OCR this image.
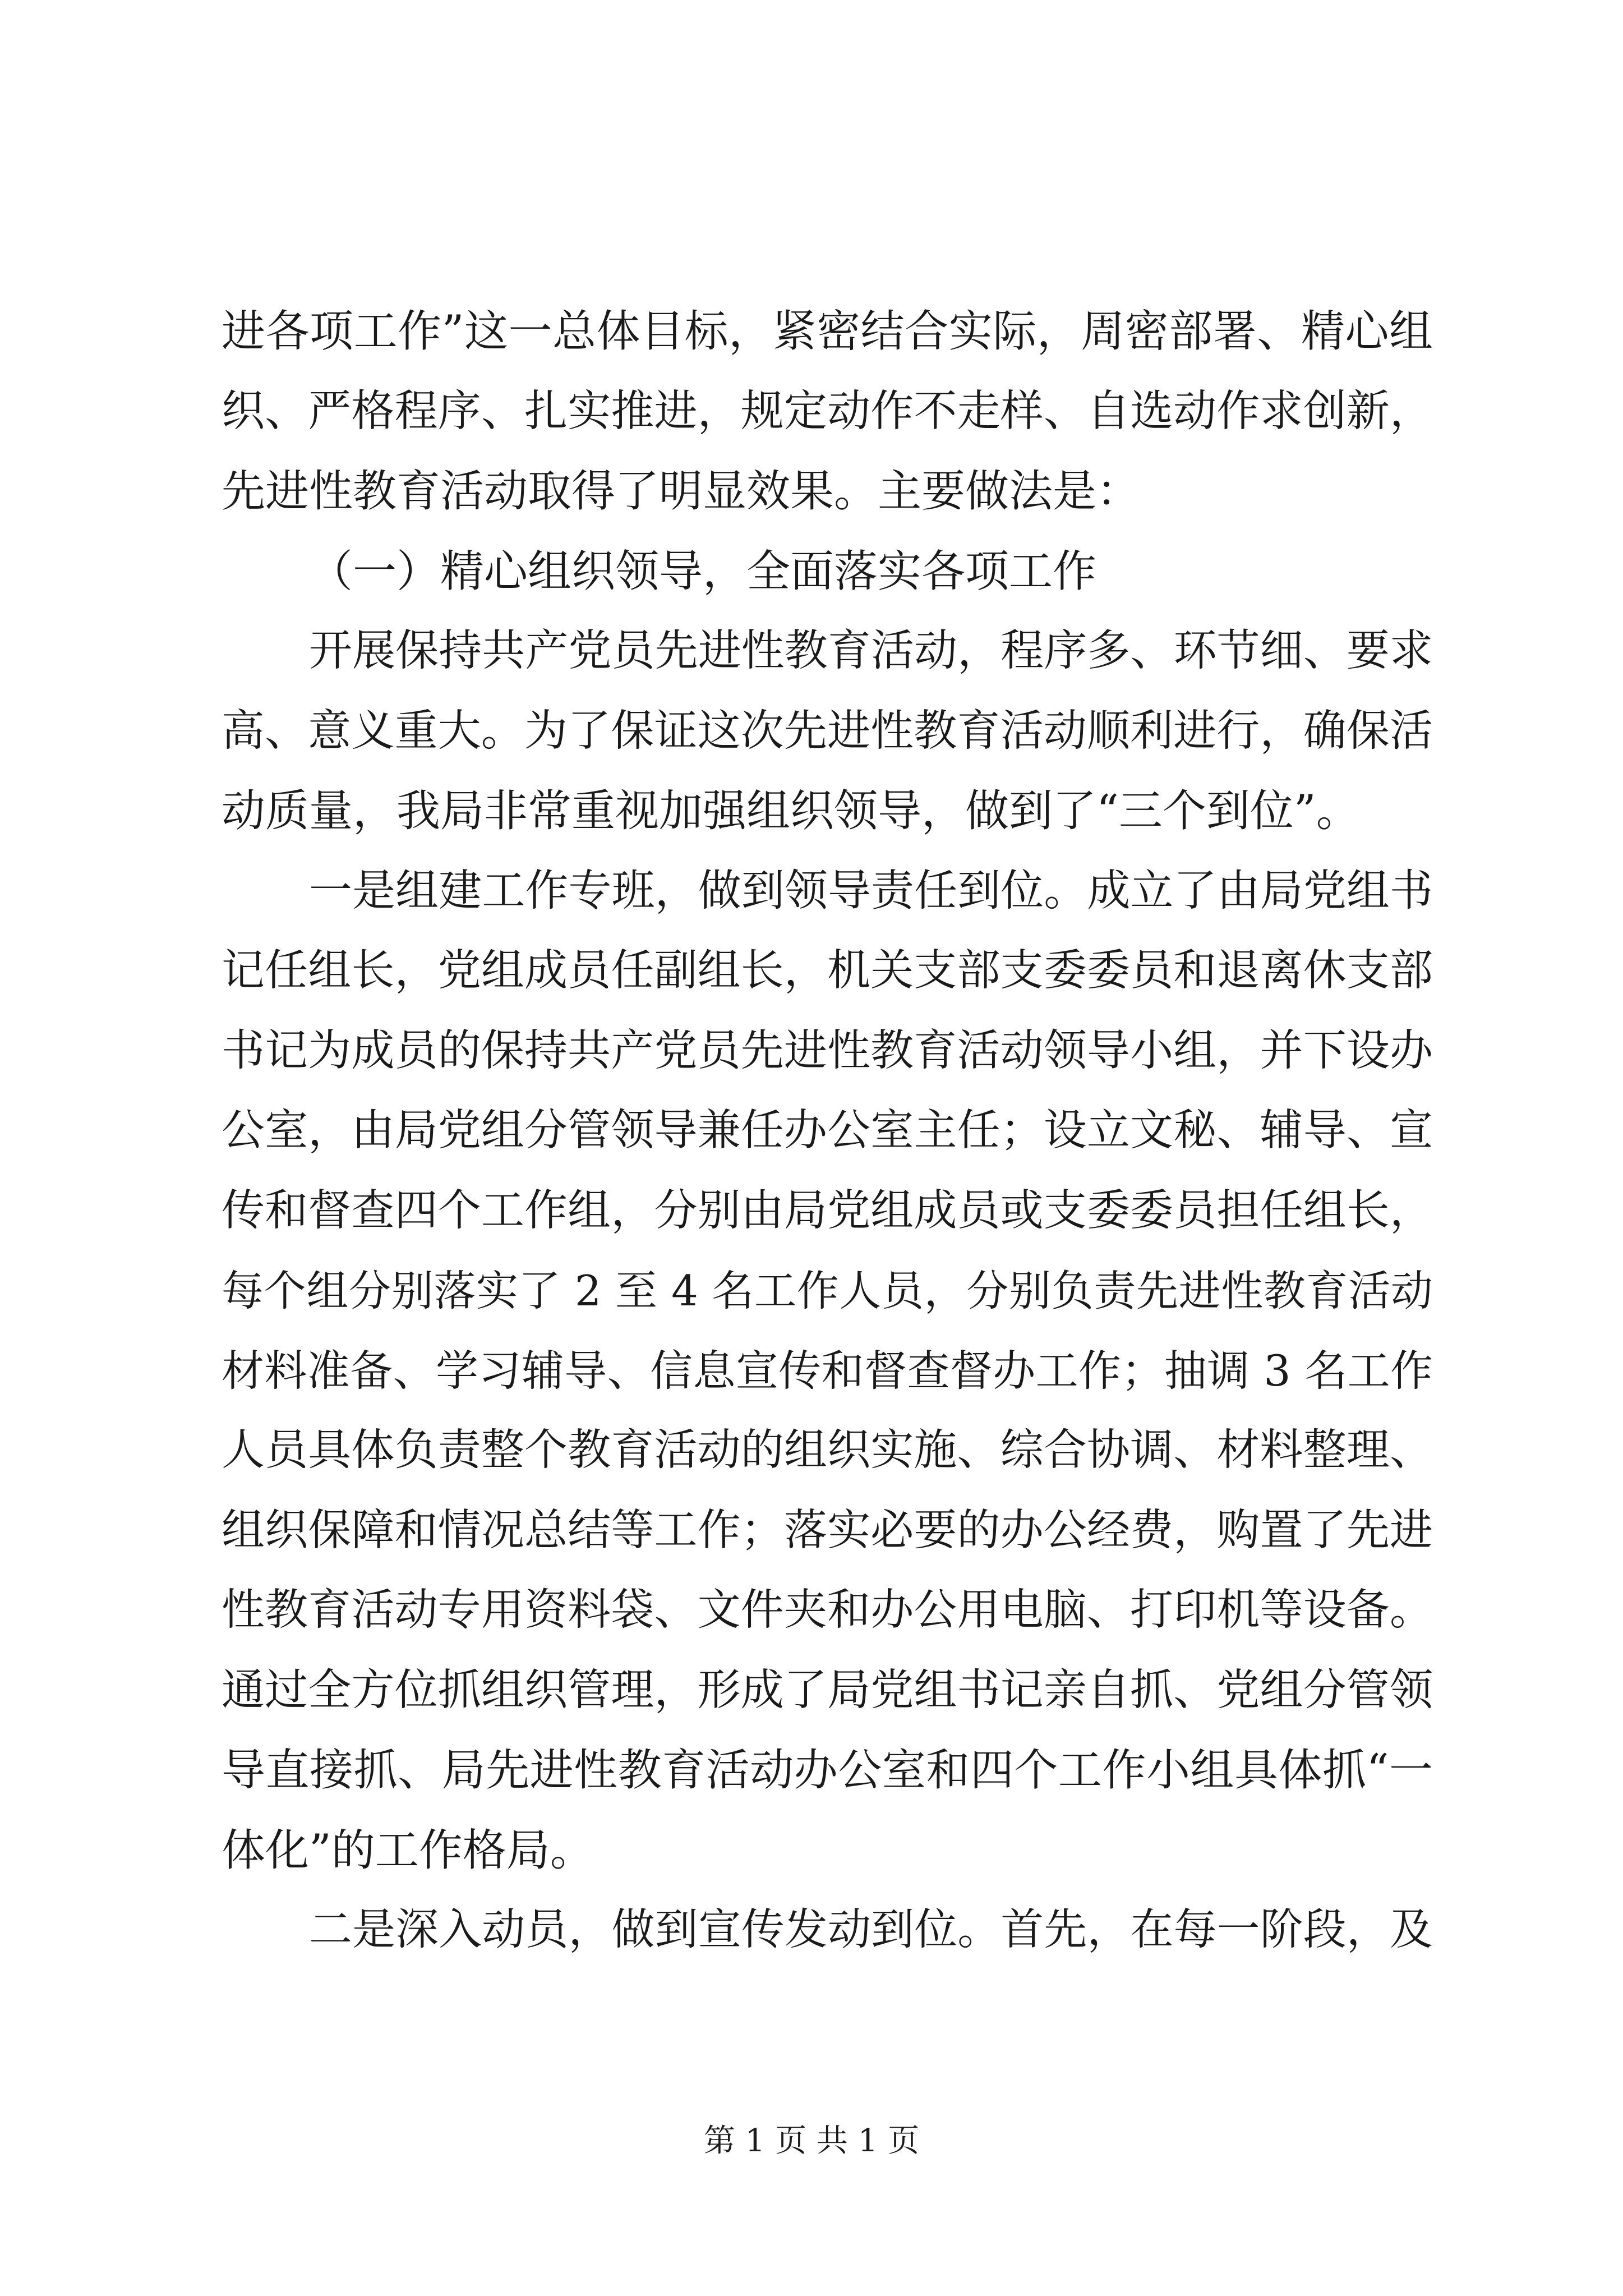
进各项工作”这一总体目标，紧密结合实际，周密部署、精心组
织、严格程序、扎实推进，规定动作不走样、自选动作求创新，
先进性教育活动取得了明显效果。主要做法是：
（一）精心组织领导，全面落实各项工作
开展保持共产党员先进性教育活动，程序多、环节细、要求
高、意义重大。为了保证这次先进性教育活动顺利进行，确保活
动质量，我局非常重视加强组织领导，做到了“三个到位”。
一是组建工作专班，做到领导责任到位。成立了由局党组书
记任组长，党组成员任副组长，机关支部支委委员和退离休支部
书记为成员的保持共产党员先进性教育活动领导小组，并下设办
公室，由局党组分管领导兼任办公室主任；设立文秘、辅导、宣
传和督查四个工作组，分别由局党组成员或支委委员担任组长，
每个组分别落实了 2 至 4 名工作人员，分别负责先进性教育活动
材料准备、学习辅导、信息宣传和督查督办工作；抽调 3 名工作
人员具体负责整个教育活动的组织实施、综合协调、材料整理、
组织保障和情况总结等工作；落实必要的办公经费，购置了先进
性教育活动专用资料袋、文件夹和办公用电脑、打印机等设备。
通过全方位抓组织管理，形成了局党组书记亲自抓、党组分管领
导直接抓、局先进性教育活动办公室和四个工作小组具体抓“一
体化”的工作格局。
二是深入动员，做到宣传发动到位。首先，在每一阶段，及
第 1 页 共 1 页
